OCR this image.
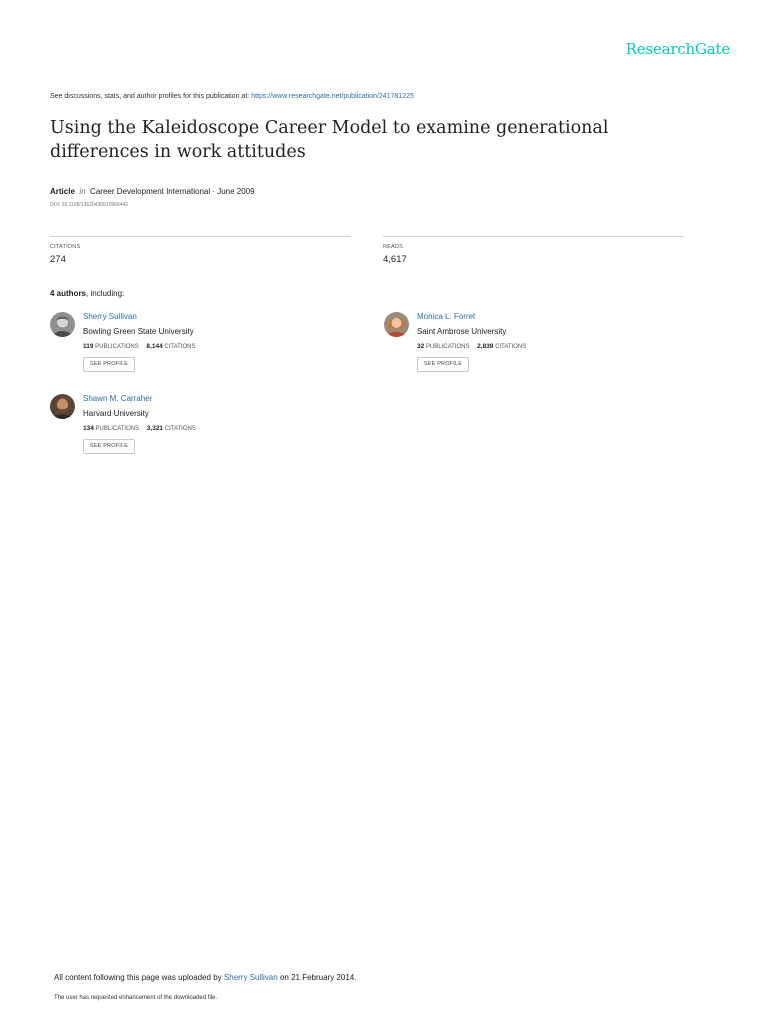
ResearchGate
See discussions, stats, and author profiles for this publication at: https://www.researchgate.net/publication/241781225
Using the Kaleidoscope Career Model to examine generational differences in work attitudes
Article in Career Development International · June 2009
DOI: 10.1108/13620430910966442
CITATIONS
274
READS
4,617
4 authors, including:
Sherry Sullivan
Bowling Green State University
119 PUBLICATIONS 8,144 CITATIONS
SEE PROFILE
Monica L. Forret
Saint Ambrose University
32 PUBLICATIONS 2,839 CITATIONS
SEE PROFILE
Shawn M. Carraher
Harvard University
134 PUBLICATIONS 3,321 CITATIONS
SEE PROFILE
All content following this page was uploaded by Sherry Sullivan on 21 February 2014.
The user has requested enhancement of the downloaded file.
